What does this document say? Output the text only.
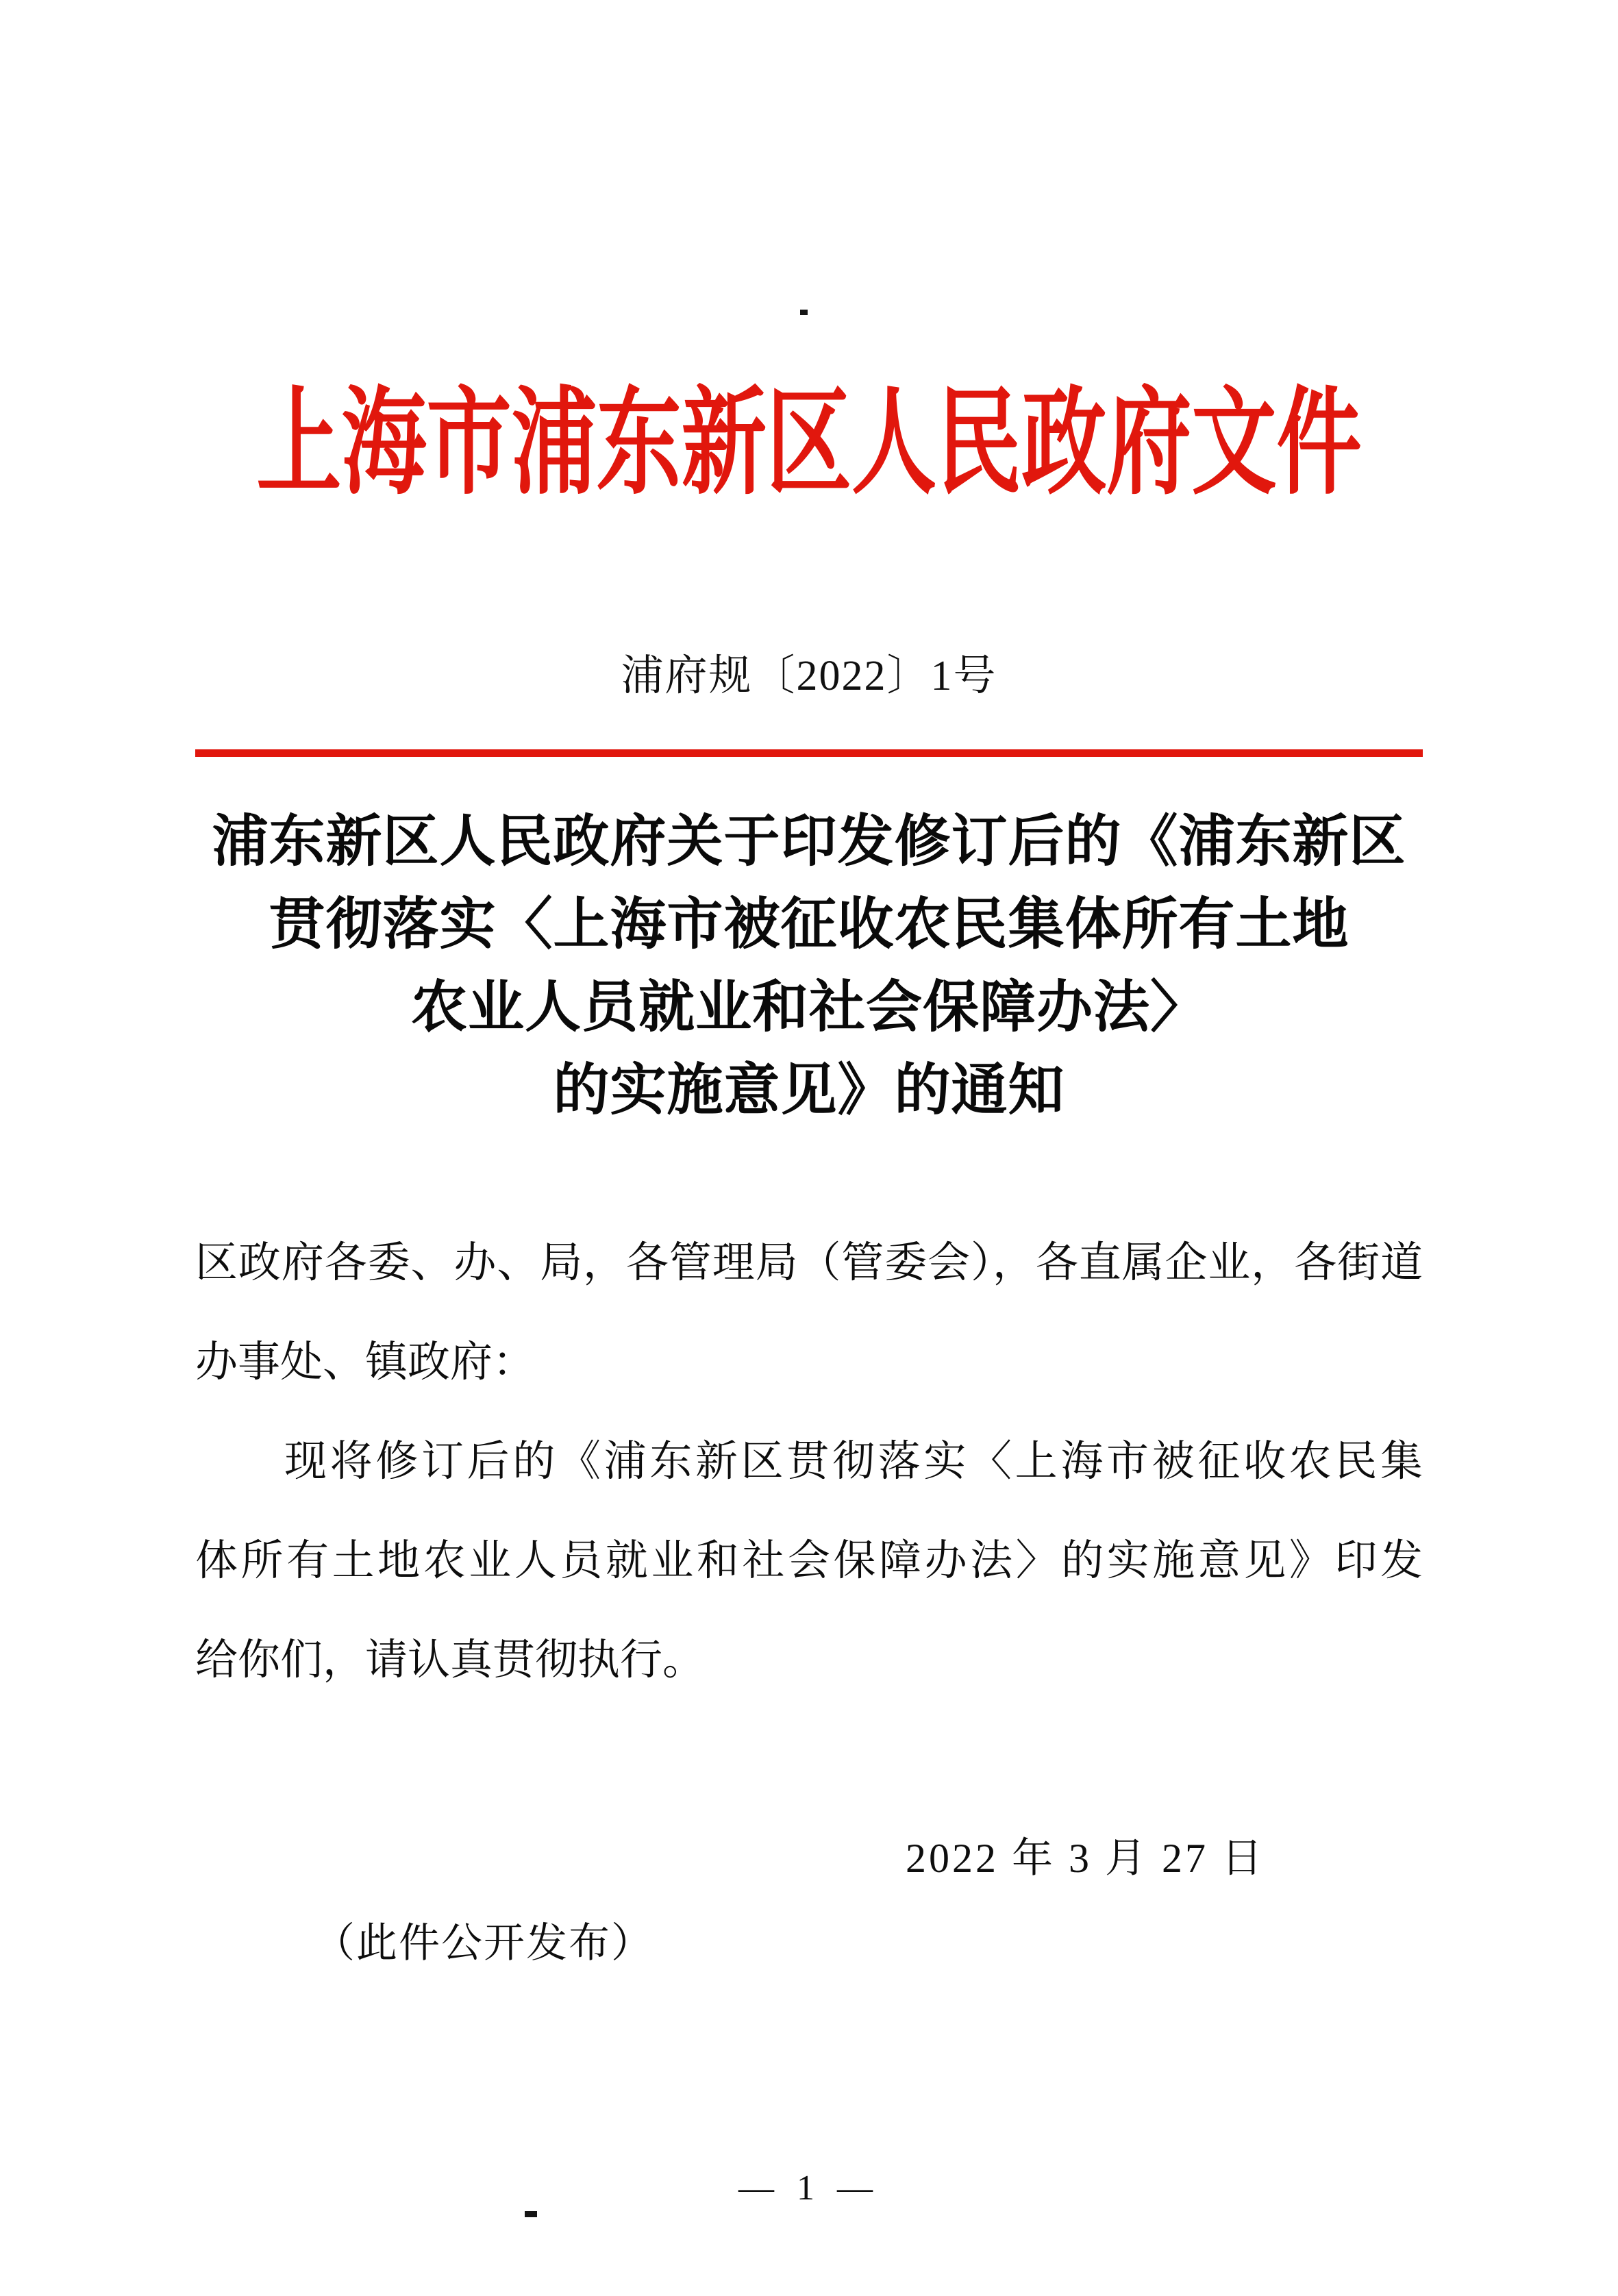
上海市浦东新区人民政府文件
浦府规〔2022〕1号
浦东新区人民政府关于印发修订后的《浦东新区
贯彻落实〈上海市被征收农民集体所有土地
农业人员就业和社会保障办法〉
的实施意见》的通知
区政府各委、办、局，各管理局（管委会），各直属企业，各街道
办事处、镇政府：
现将修订后的《浦东新区贯彻落实〈上海市被征收农民集
体所有土地农业人员就业和社会保障办法〉的实施意见》印发
给你们，请认真贯彻执行。
2022 年 3 月 27 日
（此件公开发布）
— 1 —
